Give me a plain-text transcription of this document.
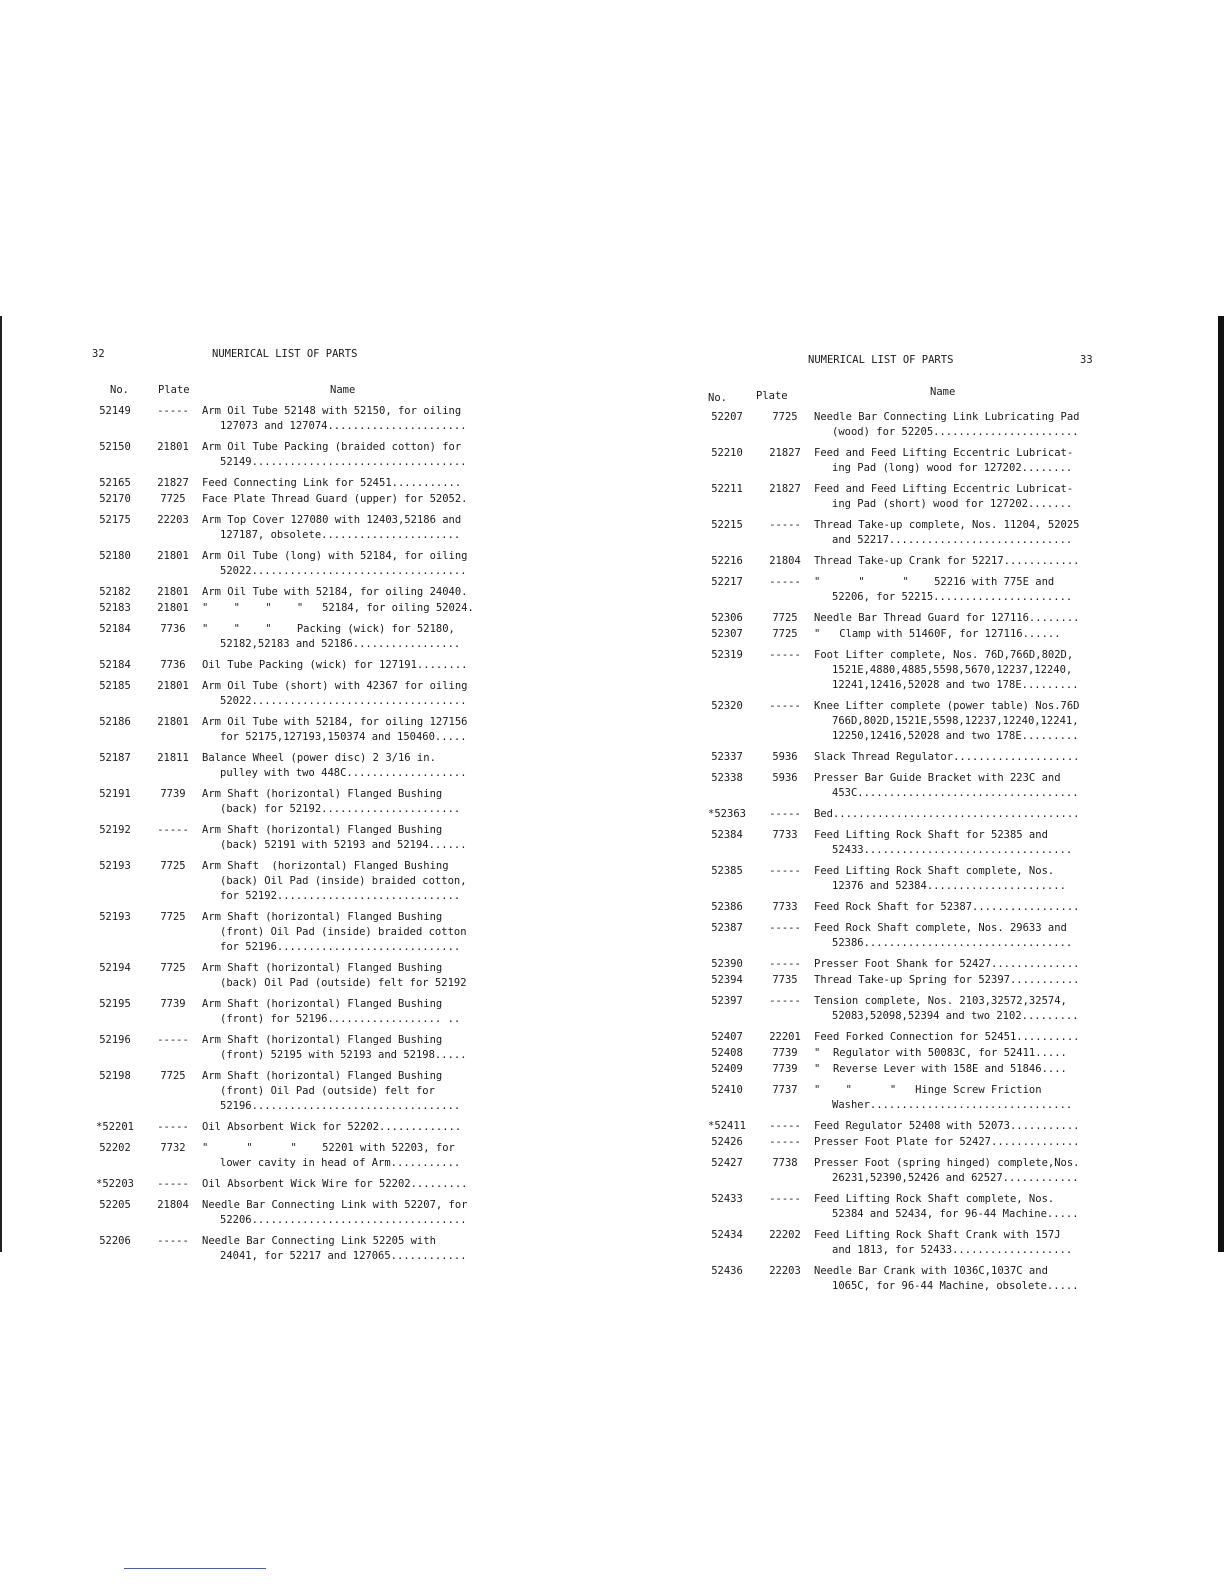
32	NUMERICAL LIST OF PARTS
No.	Plate	Name
52149	-----	Arm Oil Tube 52148 with 52150, for oiling
127073 and 127074......................
52150	21801	Arm Oil Tube Packing (braided cotton) for
52149..................................
52165	21827	Feed Connecting Link for 52451...........
52170	7725	Face Plate Thread Guard (upper) for 52052.
52175	22203	Arm Top Cover 127080 with 12403,52186 and
127187, obsolete......................
52180	21801	Arm Oil Tube (long) with 52184, for oiling
52022..................................
52182	21801	Arm Oil Tube with 52184, for oiling 24040.
52183	21801	"    "    "    "   52184, for oiling 52024.
52184	7736	"    "    "    Packing (wick) for 52180,
52182,52183 and 52186.................
52184	7736	Oil Tube Packing (wick) for 127191........
52185	21801	Arm Oil Tube (short) with 42367 for oiling
52022..................................
52186	21801	Arm Oil Tube with 52184, for oiling 127156
for 52175,127193,150374 and 150460.....
52187	21811	Balance Wheel (power disc) 2 3/16 in.
pulley with two 448C...................
52191	7739	Arm Shaft (horizontal) Flanged Bushing
(back) for 52192......................
52192	-----	Arm Shaft (horizontal) Flanged Bushing
(back) 52191 with 52193 and 52194......
52193	7725	Arm Shaft  (horizontal) Flanged Bushing
(back) Oil Pad (inside) braided cotton,
for 52192.............................
52193	7725	Arm Shaft (horizontal) Flanged Bushing
(front) Oil Pad (inside) braided cotton
for 52196.............................
52194	7725	Arm Shaft (horizontal) Flanged Bushing
(back) Oil Pad (outside) felt for 52192
52195	7739	Arm Shaft (horizontal) Flanged Bushing
(front) for 52196.................. ..
52196	-----	Arm Shaft (horizontal) Flanged Bushing
(front) 52195 with 52193 and 52198.....
52198	7725	Arm Shaft (horizontal) Flanged Bushing
(front) Oil Pad (outside) felt for
52196.................................
*52201	-----	Oil Absorbent Wick for 52202.............
52202	7732	"      "      "    52201 with 52203, for
lower cavity in head of Arm...........
*52203	-----	Oil Absorbent Wick Wire for 52202.........
52205	21804	Needle Bar Connecting Link with 52207, for
52206..................................
52206	-----	Needle Bar Connecting Link 52205 with
24041, for 52217 and 127065............
NUMERICAL LIST OF PARTS	33
No.	Plate	Name
52207	7725	Needle Bar Connecting Link Lubricating Pad
(wood) for 52205.......................
52210	21827	Feed and Feed Lifting Eccentric Lubricat-
ing Pad (long) wood for 127202........
52211	21827	Feed and Feed Lifting Eccentric Lubricat-
ing Pad (short) wood for 127202.......
52215	-----	Thread Take-up complete, Nos. 11204, 52025
and 52217.............................
52216	21804	Thread Take-up Crank for 52217............
52217	-----	"      "      "    52216 with 775E and
52206, for 52215......................
52306	7725	Needle Bar Thread Guard for 127116........
52307	7725	"   Clamp with 51460F, for 127116......
52319	-----	Foot Lifter complete, Nos. 76D,766D,802D,
1521E,4880,4885,5598,5670,12237,12240,
12241,12416,52028 and two 178E.........
52320	-----	Knee Lifter complete (power table) Nos.76D
766D,802D,1521E,5598,12237,12240,12241,
12250,12416,52028 and two 178E.........
52337	5936	Slack Thread Regulator....................
52338	5936	Presser Bar Guide Bracket with 223C and
453C...................................
*52363	-----	Bed.......................................
52384	7733	Feed Lifting Rock Shaft for 52385 and
52433.................................
52385	-----	Feed Lifting Rock Shaft complete, Nos.
12376 and 52384......................
52386	7733	Feed Rock Shaft for 52387.................
52387	-----	Feed Rock Shaft complete, Nos. 29633 and
52386.................................
52390	-----	Presser Foot Shank for 52427..............
52394	7735	Thread Take-up Spring for 52397...........
52397	-----	Tension complete, Nos. 2103,32572,32574,
52083,52098,52394 and two 2102.........
52407	22201	Feed Forked Connection for 52451..........
52408	7739	"  Regulator with 50083C, for 52411.....
52409	7739	"  Reverse Lever with 158E and 51846....
52410	7737	"    "      "   Hinge Screw Friction
Washer................................
*52411	-----	Feed Regulator 52408 with 52073...........
52426	-----	Presser Foot Plate for 52427..............
52427	7738	Presser Foot (spring hinged) complete,Nos.
26231,52390,52426 and 62527............
52433	-----	Feed Lifting Rock Shaft complete, Nos.
52384 and 52434, for 96-44 Machine.....
52434	22202	Feed Lifting Rock Shaft Crank with 157J
and 1813, for 52433...................
52436	22203	Needle Bar Crank with 1036C,1037C and
1065C, for 96-44 Machine, obsolete.....
